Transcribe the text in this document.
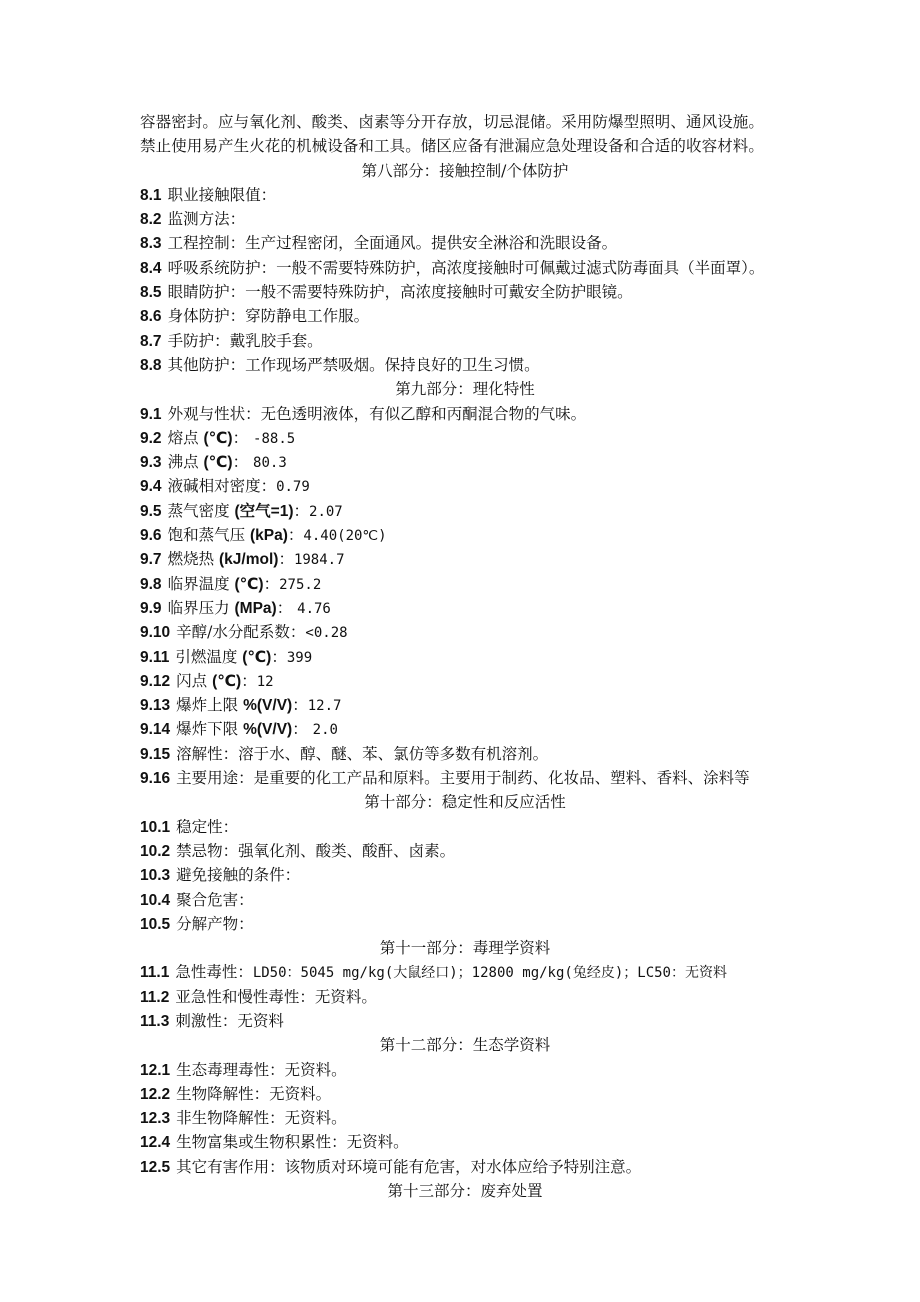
容器密封。应与氧化剂、酸类、卤素等分开存放，切忌混储。采用防爆型照明、通风设施。
禁止使用易产生火花的机械设备和工具。储区应备有泄漏应急处理设备和合适的收容材料。
第八部分：接触控制/个体防护
8.1 职业接触限值：
8.2 监测方法：
8.3 工程控制：生产过程密闭，全面通风。提供安全淋浴和洗眼设备。
8.4 呼吸系统防护：一般不需要特殊防护，高浓度接触时可佩戴过滤式防毒面具（半面罩）。
8.5 眼睛防护：一般不需要特殊防护，高浓度接触时可戴安全防护眼镜。
8.6 身体防护：穿防静电工作服。
8.7 手防护：戴乳胶手套。
8.8 其他防护：工作现场严禁吸烟。保持良好的卫生习惯。
第九部分：理化特性
9.1 外观与性状：无色透明液体，有似乙醇和丙酮混合物的气味。
9.2 熔点 (℃)： -88.5
9.3 沸点 (℃)： 80.3
9.4 液碱相对密度：0.79
9.5 蒸气密度 (空气=1)：2.07
9.6 饱和蒸气压 (kPa)：4.40(20℃)
9.7 燃烧热 (kJ/mol)：1984.7
9.8 临界温度 (℃)：275.2
9.9 临界压力 (MPa)： 4.76
9.10 辛醇/水分配系数：<0.28
9.11 引燃温度 (℃)：399
9.12 闪点 (℃)：12
9.13 爆炸上限 %(V/V)：12.7
9.14 爆炸下限 %(V/V)： 2.0
9.15 溶解性：溶于水、醇、醚、苯、氯仿等多数有机溶剂。
9.16 主要用途：是重要的化工产品和原料。主要用于制药、化妆品、塑料、香料、涂料等
第十部分：稳定性和反应活性
10.1 稳定性：
10.2 禁忌物：强氧化剂、酸类、酸酐、卤素。
10.3 避免接触的条件：
10.4 聚合危害：
10.5 分解产物：
第十一部分：毒理学资料
11.1 急性毒性：LD50：5045 mg/kg(大鼠经口)；12800 mg/kg(兔经皮)；LC50：无资料
11.2 亚急性和慢性毒性：无资料。
11.3 刺激性：无资料
第十二部分：生态学资料
12.1 生态毒理毒性：无资料。
12.2 生物降解性：无资料。
12.3 非生物降解性：无资料。
12.4 生物富集或生物积累性：无资料。
12.5 其它有害作用：该物质对环境可能有危害，对水体应给予特别注意。
第十三部分：废弃处置
